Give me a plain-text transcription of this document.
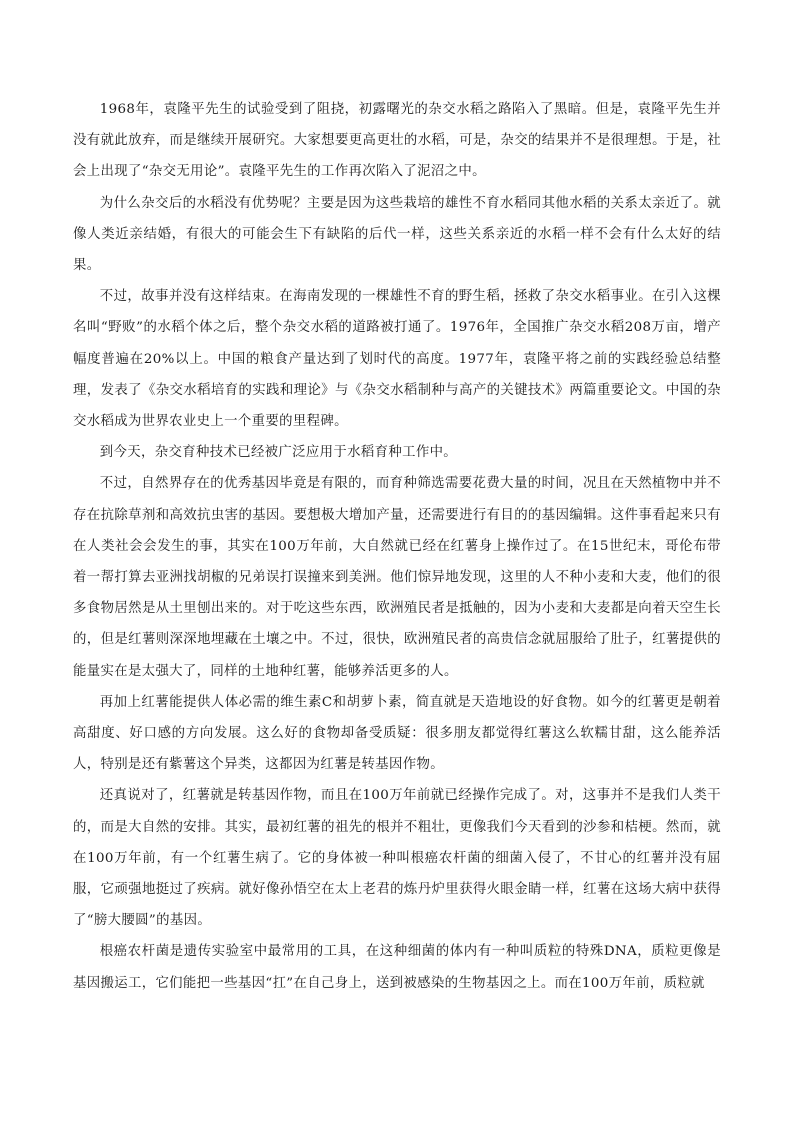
1968年，袁隆平先生的试验受到了阻挠，初露曙光的杂交水稻之路陷入了黑暗。但是，袁隆平先生并没有就此放弃，而是继续开展研究。大家想要更高更壮的水稻，可是，杂交的结果并不是很理想。于是，社会上出现了“杂交无用论”。袁隆平先生的工作再次陷入了泥沼之中。

为什么杂交后的水稻没有优势呢？主要是因为这些栽培的雄性不育水稻同其他水稻的关系太亲近了。就像人类近亲结婚，有很大的可能会生下有缺陷的后代一样，这些关系亲近的水稻一样不会有什么太好的结果。

不过，故事并没有这样结束。在海南发现的一棵雄性不育的野生稻，拯救了杂交水稻事业。在引入这棵名叫“野败”的水稻个体之后，整个杂交水稻的道路被打通了。1976年，全国推广杂交水稻208万亩，增产幅度普遍在20%以上。中国的粮食产量达到了划时代的高度。1977年，袁隆平将之前的实践经验总结整理，发表了《杂交水稻培育的实践和理论》与《杂交水稻制种与高产的关键技术》两篇重要论文。中国的杂交水稻成为世界农业史上一个重要的里程碑。

到今天，杂交育种技术已经被广泛应用于水稻育种工作中。

不过，自然界存在的优秀基因毕竟是有限的，而育种筛选需要花费大量的时间，况且在天然植物中并不存在抗除草剂和高效抗虫害的基因。要想极大增加产量，还需要进行有目的的基因编辑。这件事看起来只有在人类社会会发生的事，其实在100万年前，大自然就已经在红薯身上操作过了。在15世纪末，哥伦布带着一帮打算去亚洲找胡椒的兄弟误打误撞来到美洲。他们惊异地发现，这里的人不种小麦和大麦，他们的很多食物居然是从土里刨出来的。对于吃这些东西，欧洲殖民者是抵触的，因为小麦和大麦都是向着天空生长的，但是红薯则深深地埋藏在土壤之中。不过，很快，欧洲殖民者的高贵信念就屈服给了肚子，红薯提供的能量实在是太强大了，同样的土地种红薯，能够养活更多的人。

再加上红薯能提供人体必需的维生素C和胡萝卜素，简直就是天造地设的好食物。如今的红薯更是朝着高甜度、好口感的方向发展。这么好的食物却备受质疑：很多朋友都觉得红薯这么软糯甘甜，这么能养活人，特别是还有紫薯这个异类，这都因为红薯是转基因作物。

还真说对了，红薯就是转基因作物，而且在100万年前就已经操作完成了。对，这事并不是我们人类干的，而是大自然的安排。其实，最初红薯的祖先的根并不粗壮，更像我们今天看到的沙参和桔梗。然而，就在100万年前，有一个红薯生病了。它的身体被一种叫根癌农杆菌的细菌入侵了，不甘心的红薯并没有屈服，它顽强地挺过了疾病。就好像孙悟空在太上老君的炼丹炉里获得火眼金睛一样，红薯在这场大病中获得了“膀大腰圆”的基因。

根癌农杆菌是遗传实验室中最常用的工具，在这种细菌的体内有一种叫质粒的特殊DNA，质粒更像是基因搬运工，它们能把一些基因“扛”在自己身上，送到被感染的生物基因之上。而在100万年前，质粒就
